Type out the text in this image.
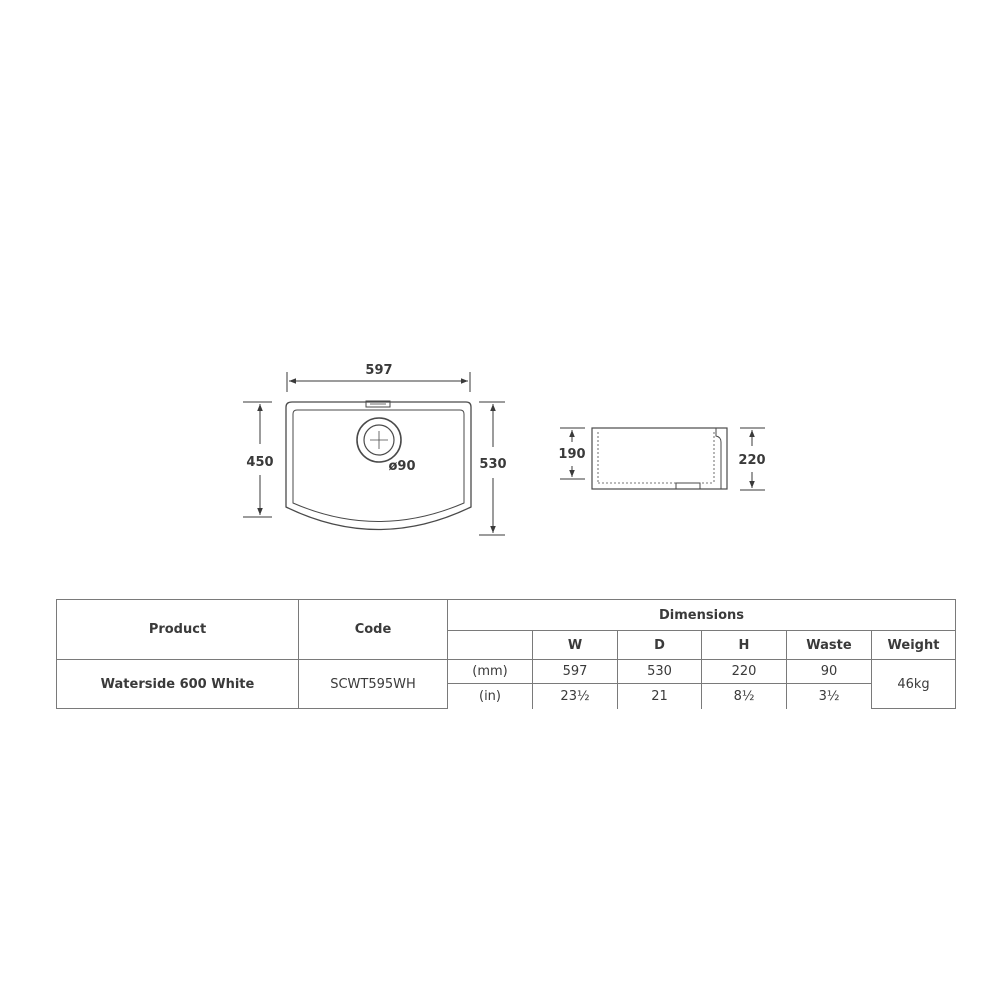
597
450	530
ø90
190	220
Product	Code	Dimensions					
			W	D	H	Waste	Weight
Waterside 600 White	SCWT595WH	(mm)	597	530	220	90	46kg
		(in)	23½	21	8½	3½	
